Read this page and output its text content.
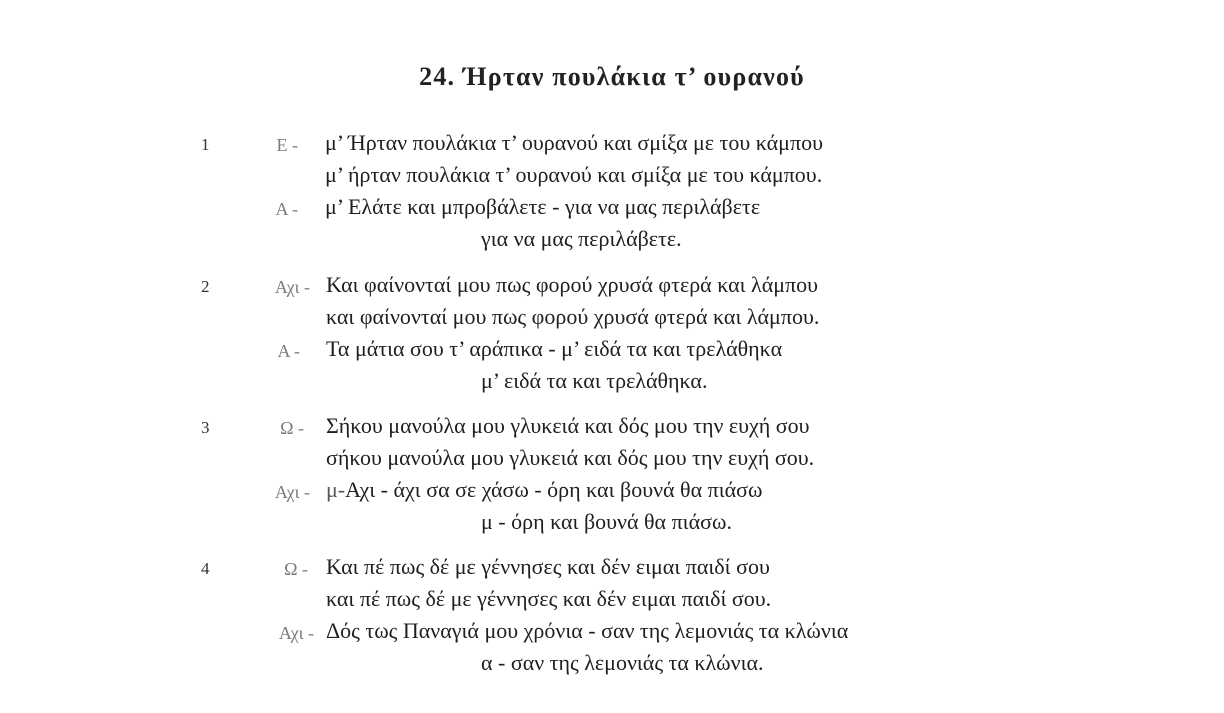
24. Ήρταν πουλάκια τ’ ουρανού
1	Ε - μ’ Ήρταν πουλάκια τ’ ουρανού και σμίξα με του κάμπου
μ’ ήρταν πουλάκια τ’ ουρανού και σμίξα με του κάμπου.
Α - μ’ Ελάτε και μπροβάλετε - για να μας περιλάβετε
για να μας περιλάβετε.
2	Αχι - Και φαίνονταί μου πως φορού χρυσά φτερά και λάμπου
και φαίνονταί μου πως φορού χρυσά φτερά και λάμπου.
Α - Τα μάτια σου τ’ αράπικα - μ’ ειδά τα και τρελάθηκα
μ’ ειδά τα και τρελάθηκα.
3	Ω - Σήκου μανούλα μου γλυκειά και δός μου την ευχή σου
σήκου μανούλα μου γλυκειά και δός μου την ευχή σου.
Αχι - μ-Αχι - άχι σα σε χάσω - όρη και βουνά θα πιάσω
μ - όρη και βουνά θα πιάσω.
4	Ω - Και πέ πως δέ με γέννησες και δέν ειμαι παιδί σου
και πέ πως δέ με γέννησες και δέν ειμαι παιδί σου.
Αχι - Δός τως Παναγιά μου χρόνια - σαν της λεμονιάς τα κλώνια
α - σαν της λεμονιάς τα κλώνια.
